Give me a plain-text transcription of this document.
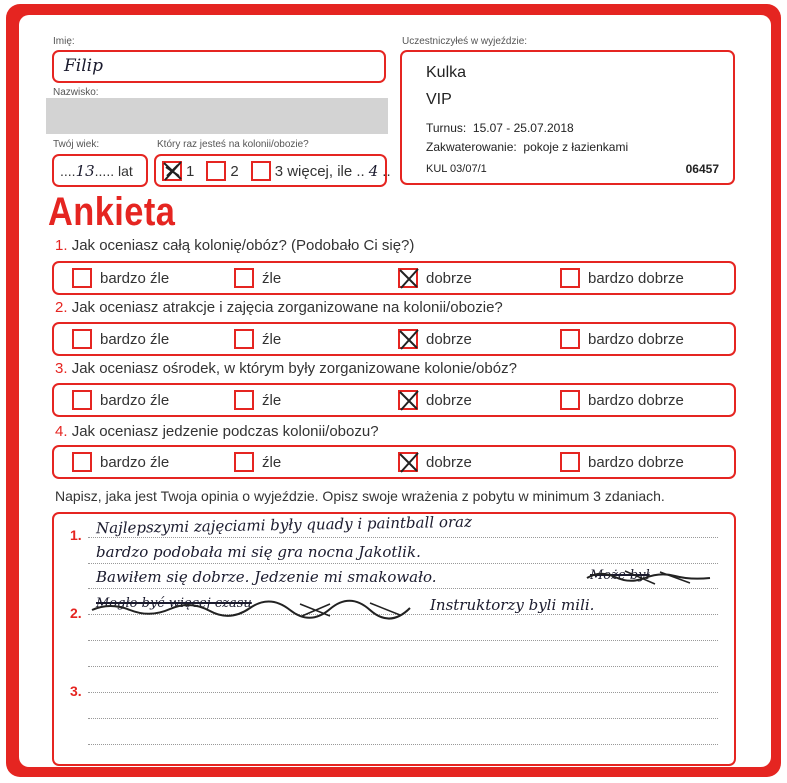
Imię:
Filip
Nazwisko:
Twój wiek:
....13..... lat
Który raz jesteś na kolonii/obozie?
1 2 3 więcej, ile .. 4 ..
Uczestniczyłeś w wyjeździe:
Kulka
VIP
Turnus: 15.07 - 25.07.2018
Zakwaterowanie: pokoje z łazienkami
KUL 03/07/1	06457
Ankieta
1. Jak oceniasz całą kolonię/obóz? (Podobało Ci się?)
bardzo źle	źle	dobrze	bardzo dobrze
2. Jak oceniasz atrakcje i zajęcia zorganizowane na kolonii/obozie?
bardzo źle	źle	dobrze	bardzo dobrze
3. Jak oceniasz ośrodek, w którym były zorganizowane kolonie/obóz?
bardzo źle	źle	dobrze	bardzo dobrze
4. Jak oceniasz jedzenie podczas kolonii/obozu?
bardzo źle	źle	dobrze	bardzo dobrze
Napisz, jaka jest Twoja opinia o wyjeździe. Opisz swoje wrażenia z pobytu w minimum 3 zdaniach.
1.
2.
3.
Najlepszymi zajęciami były quady i paintball oraz
bardzo podobała mi się gra nocna Jakotlik.
Bawiłem się dobrze. Jedzenie mi smakowało.	Może był
Mogło być więcej czasu	Instruktorzy byli mili.
